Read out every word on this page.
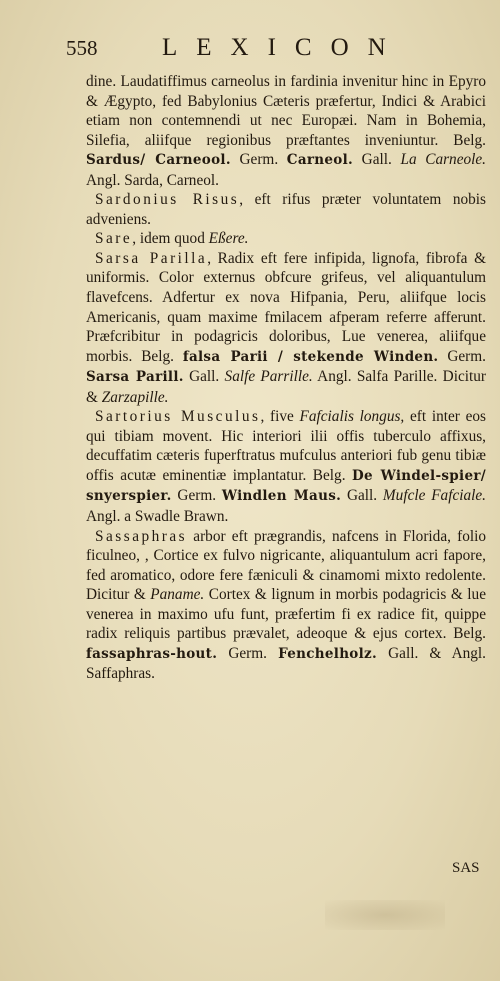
558	LEXICON

dine. Laudatiffimus carneolus in fardinia invenitur hinc in Epyro & Ægypto, fed Babylonius Cæteris præfertur, Indici & Arabici etiam non contemnendi ut nec Europæi. Nam in Bohemia, Silefia, aliifque regionibus præftantes inveniuntur. Belg. Sardus/ Carneool. Germ. Carneol. Gall. La Carneole. Angl. Sarda, Carneol.

Sardonius Risus, eft rifus præter voluntatem nobis adveniens.

Sare, idem quod Eßere.

Sarsa Parilla, Radix eft fere infipida, lignofa, fibrofa & uniformis. Color externus obfcure grifeus, vel aliquantulum flavefcens. Adfertur ex nova Hifpania, Peru, aliifque locis Americanis, quam maxime fmilacem afperam referre afferunt. Præfcribitur in podagricis doloribus, Lue venerea, aliifque morbis. Belg. falsa Parii / stekende Winden. Germ. Sarsa Parill. Gall. Salfe Parrille. Angl. Salfa Parille. Dicitur & Zarzapille.

Sartorius Musculus, five Fafcialis longus, eft inter eos qui tibiam movent. Hic interiori ilii offis tuberculo affixus, decuffatim cæteris fuperftratus mufculus anteriori fub genu tibiæ offis acutæ eminentiæ implantatur. Belg. De Windel-spier/ snyerspier. Germ. Windlen Maus. Gall. Mufcle Fafciale. Angl. a Swadle Brawn.

Sassaphras arbor eft prægrandis, nafcens in Florida, folio ficulneo, , Cortice ex fulvo nigricante, aliquantulum acri fapore, fed aromatico, odore fere fæniculi & cinamomi mixto redolente. Dicitur & Paname. Cortex & lignum in morbis podagricis & lue venerea in maximo ufu funt, præfertim fi ex radice fit, quippe radix reliquis partibus prævalet, adeoque & ejus cortex. Belg. fassaphras-hout. Germ. Fenchelholz. Gall. & Angl. Saffaphras.

SAS
